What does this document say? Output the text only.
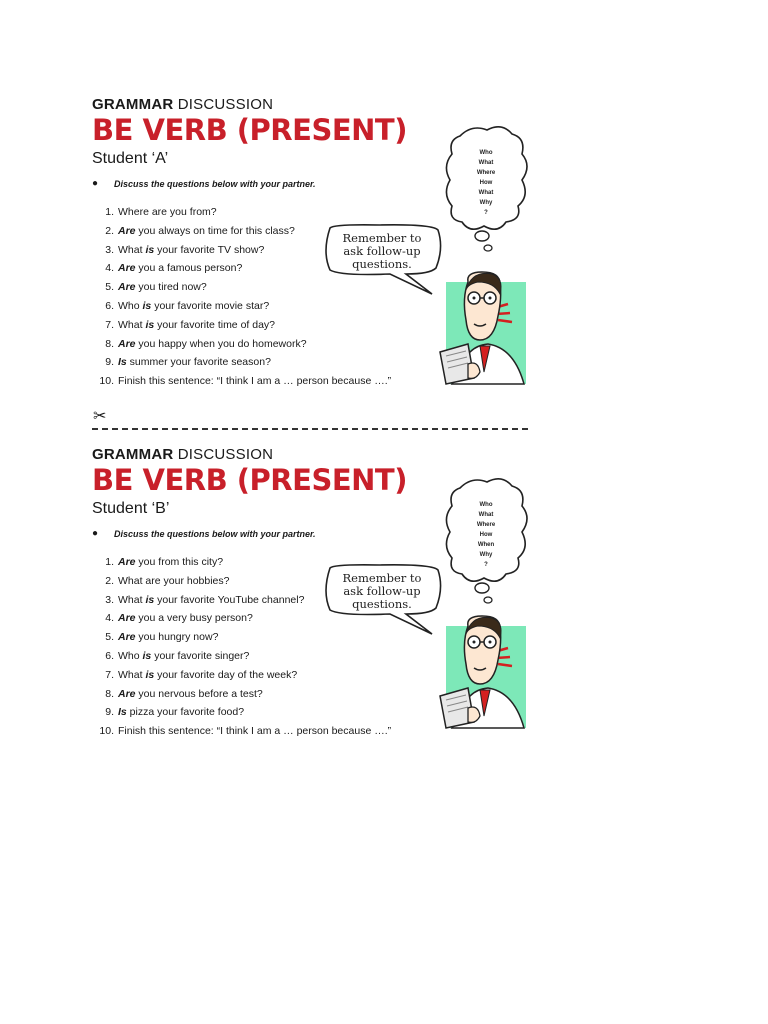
GRAMMAR DISCUSSION
BE VERB (PRESENT)
Student ‘A’
● Discuss the questions below with your partner.
1. Where are you from?
2. Are you always on time for this class?
3. What is your favorite TV show?
4. Are you a famous person?
5. Are you tired now?
6. Who is your favorite movie star?
7. What is your favorite time of day?
8. Are you happy when you do homework?
9. Is summer your favorite season?
10. Finish this sentence: “I think I am a … person because ….”
Who
What
Where
How
What
Why
?
Remember to
ask follow-up
questions.
✂
GRAMMAR DISCUSSION
BE VERB (PRESENT)
Student ‘B’
● Discuss the questions below with your partner.
1. Are you from this city?
2. What are your hobbies?
3. What is your favorite YouTube channel?
4. Are you a very busy person?
5. Are you hungry now?
6. Who is your favorite singer?
7. What is your favorite day of the week?
8. Are you nervous before a test?
9. Is pizza your favorite food?
10. Finish this sentence: “I think I am a … person because ….”
Who
What
Where
How
When
Why
?
Remember to
ask follow-up
questions.
